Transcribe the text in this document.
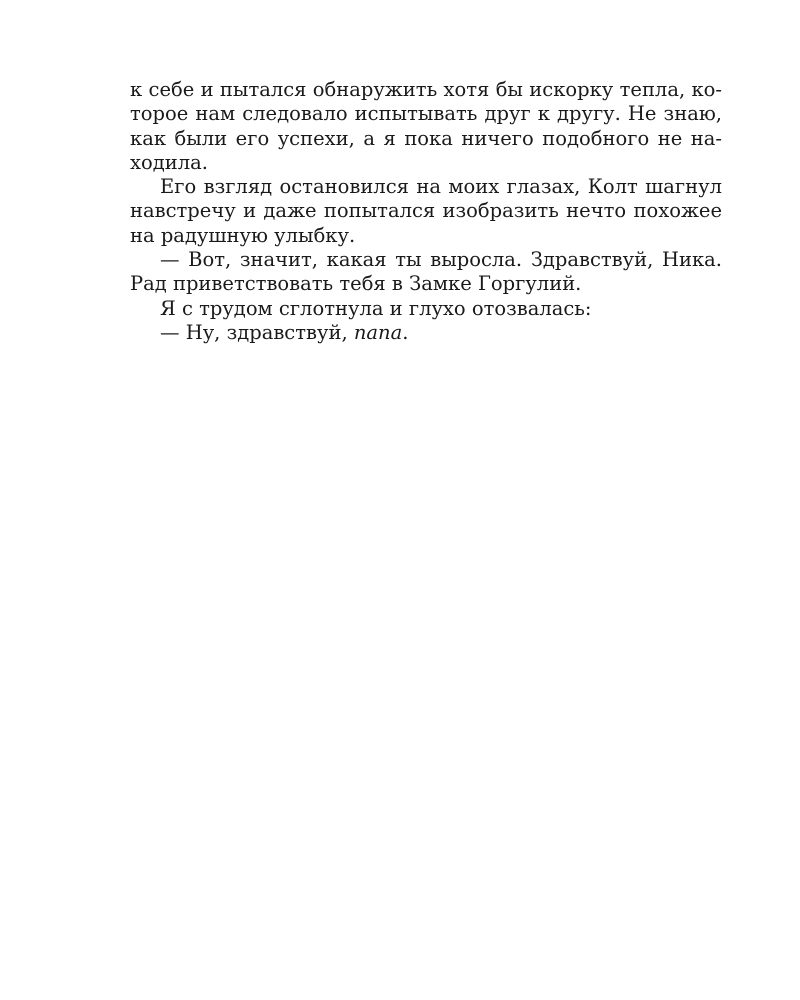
к себе и пытался обнаружить хотя бы искорку тепла, ко-
торое нам следовало испытывать друг к другу. Не знаю,
как были его успехи, а я пока ничего подобного не на-
ходила.
Его взгляд остановился на моих глазах, Колт шагнул
навстречу и даже попытался изобразить нечто похожее
на радушную улыбку.
— Вот, значит, какая ты выросла. Здравствуй, Ника.
Рад приветствовать тебя в Замке Горгулий.
Я с трудом сглотнула и глухо отозвалась:
— Ну, здравствуй, папа.
